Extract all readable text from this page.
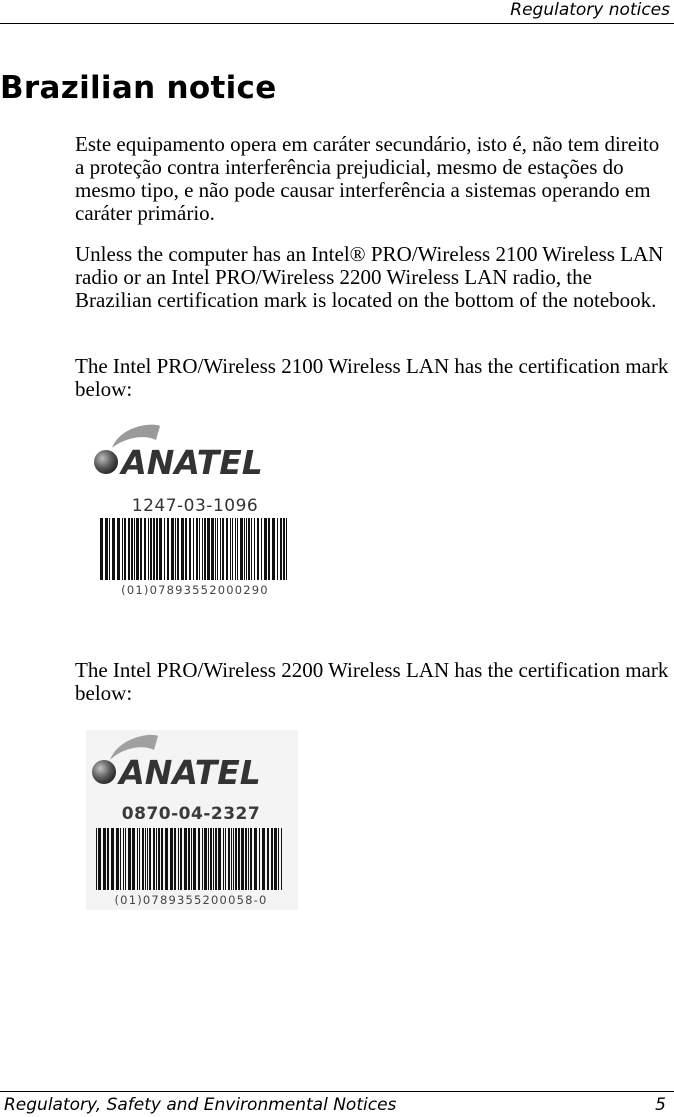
Regulatory notices
Brazilian notice

Este equipamento opera em caráter secundário, isto é, não tem direito a proteção contra interferência prejudicial, mesmo de estações do mesmo tipo, e não pode causar interferência a sistemas operando em caráter primário.

Unless the computer has an Intel® PRO/Wireless 2100 Wireless LAN radio or an Intel PRO/Wireless 2200 Wireless LAN radio, the Brazilian certification mark is located on the bottom of the notebook.

The Intel PRO/Wireless 2100 Wireless LAN has the certification mark below:

ANATEL
1247-03-1096
(01)07893552000290

The Intel PRO/Wireless 2200 Wireless LAN has the certification mark below:

ANATEL
0870-04-2327
(01)0789355200058-0
Regulatory, Safety and Environmental Notices	5
